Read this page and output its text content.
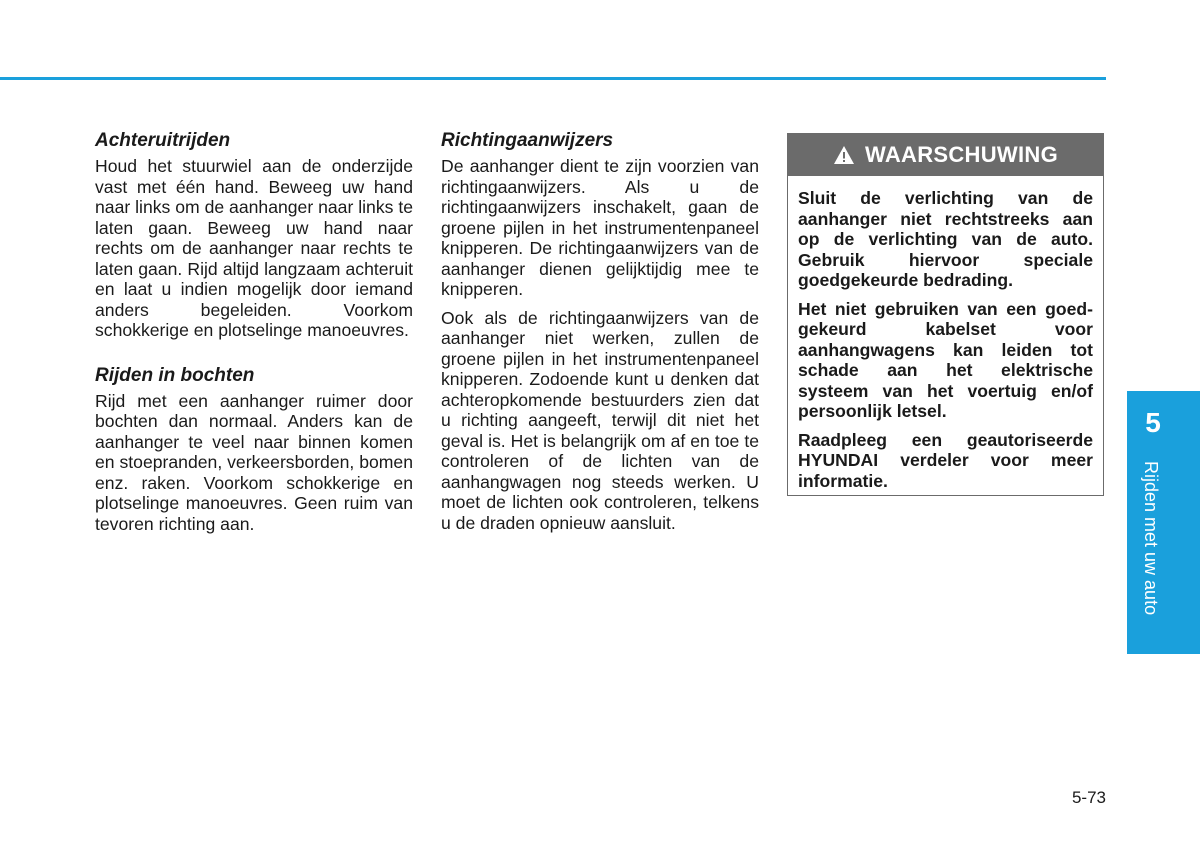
Achteruitrijden

Houd het stuurwiel aan de onderzijde vast met één hand. Beweeg uw hand naar links om de aanhanger naar links te laten gaan. Beweeg uw hand naar rechts om de aanhanger naar rechts te laten gaan. Rijd altijd langzaam achteruit en laat u indien mogelijk door iemand anders begeleiden. Voorkom schokkerige en plotselinge manoeuvres.

Rijden in bochten

Rijd met een aanhanger ruimer door bochten dan normaal. Anders kan de aanhanger te veel naar binnen komen en stoepranden, verkeersborden, bomen enz. raken. Voorkom schokkerige en plotselinge manoeuvres. Geen ruim van tevoren richting aan.

Richtingaanwijzers

De aanhanger dient te zijn voorzien van richtingaanwijzers. Als u de richtingaanwijzers inschakelt, gaan de groene pijlen in het instrumentenpaneel knipperen. De richtingaanwijzers van de aanhanger dienen gelijktijdig mee te knipperen.

Ook als de richtingaanwijzers van de aanhanger niet werken, zullen de groene pijlen in het instrumentenpaneel knipperen. Zodoende kunt u denken dat achteropkomende bestuurders zien dat u richting aangeeft, terwijl dit niet het geval is. Het is belangrijk om af en toe te controleren of de lichten van de aanhangwagen nog steeds werken. U moet de lichten ook controleren, telkens u de draden opnieuw aansluit.

WAARSCHUWING

Sluit de verlichting van de aanhanger niet rechtstreeks aan op de verlichting van de auto. Gebruik hiervoor speciale goedgekeurde bedrading.

Het niet gebruiken van een goed-gekeurd kabelset voor aanhangwagens kan leiden tot schade aan het elektrische systeem van het voertuig en/of persoonlijk letsel.

Raadpleeg een geautoriseerde HYUNDAI verdeler voor meer informatie.

5
Rijden met uw auto
5-73
